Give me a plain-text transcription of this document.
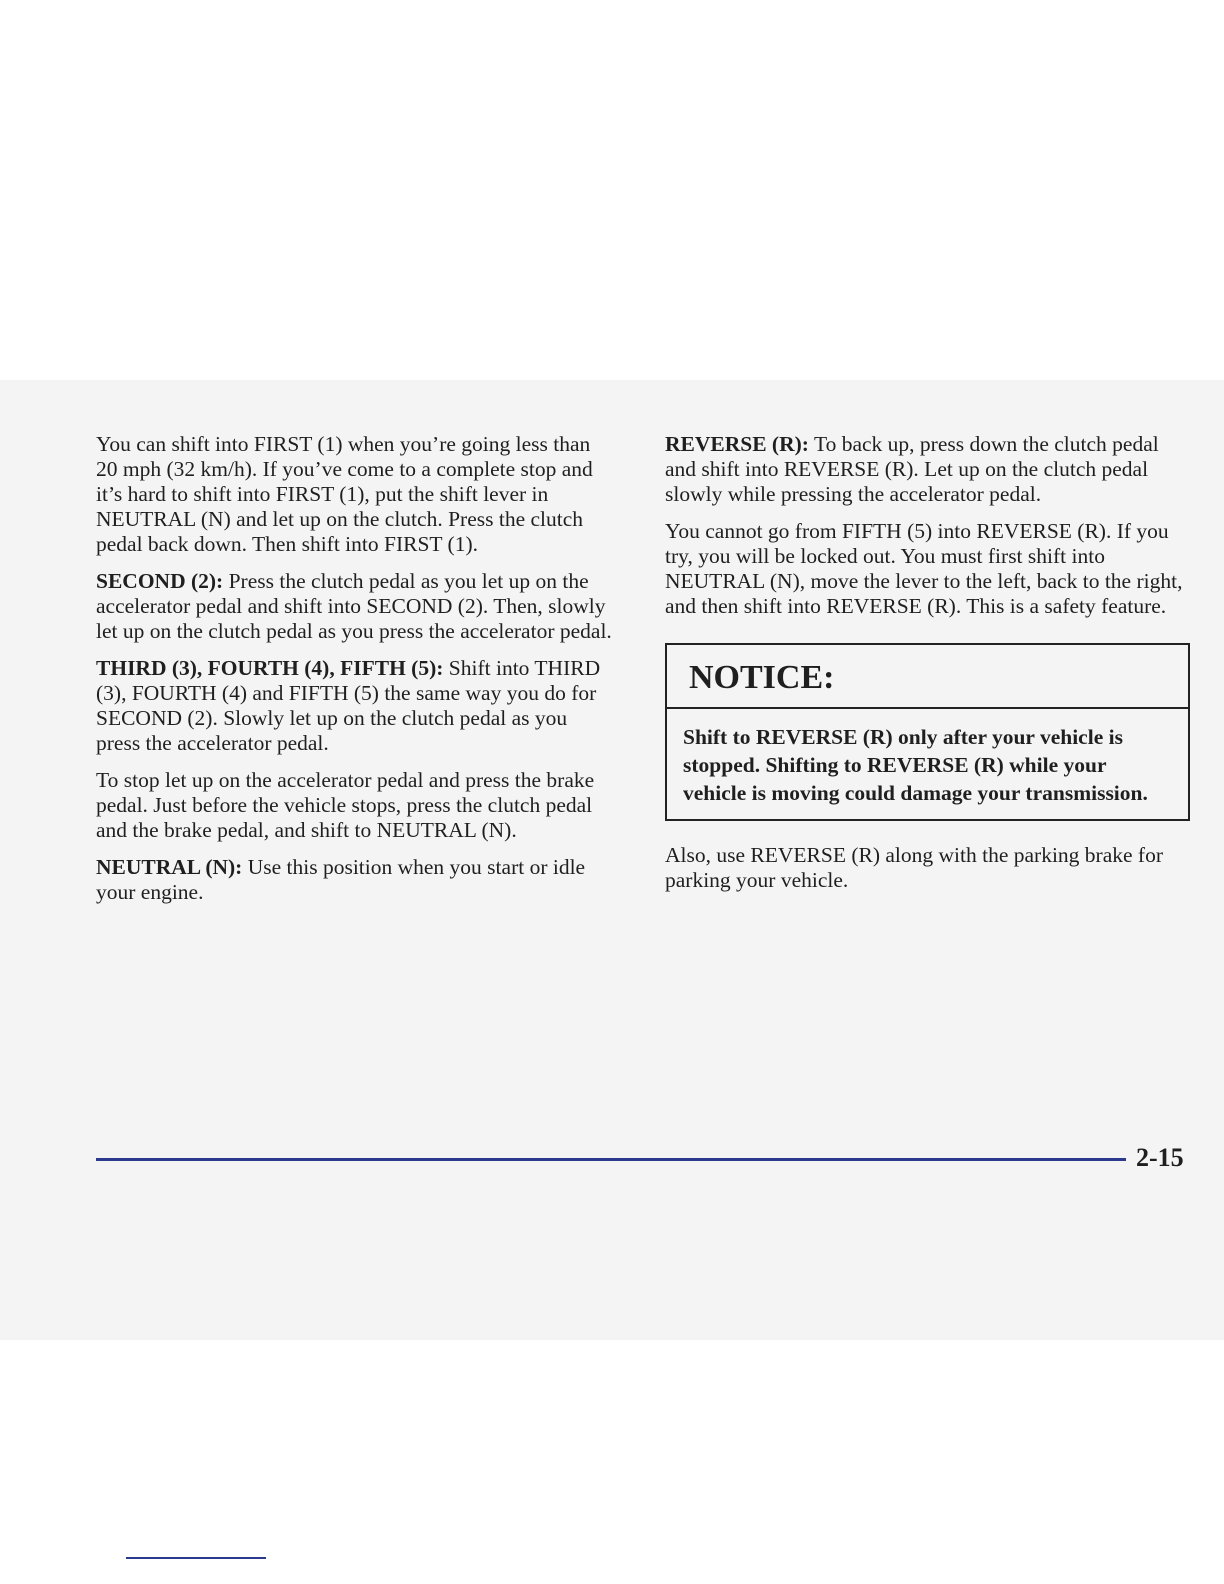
You can shift into FIRST (1) when you’re going less than 20 mph (32 km/h). If you’ve come to a complete stop and it’s hard to shift into FIRST (1), put the shift lever in NEUTRAL (N) and let up on the clutch. Press the clutch pedal back down. Then shift into FIRST (1).

SECOND (2): Press the clutch pedal as you let up on the accelerator pedal and shift into SECOND (2). Then, slowly let up on the clutch pedal as you press the accelerator pedal.

THIRD (3), FOURTH (4), FIFTH (5): Shift into THIRD (3), FOURTH (4) and FIFTH (5) the same way you do for SECOND (2). Slowly let up on the clutch pedal as you press the accelerator pedal.

To stop let up on the accelerator pedal and press the brake pedal. Just before the vehicle stops, press the clutch pedal and the brake pedal, and shift to NEUTRAL (N).

NEUTRAL (N): Use this position when you start or idle your engine.

REVERSE (R): To back up, press down the clutch pedal and shift into REVERSE (R). Let up on the clutch pedal slowly while pressing the accelerator pedal.

You cannot go from FIFTH (5) into REVERSE (R). If you try, you will be locked out. You must first shift into NEUTRAL (N), move the lever to the left, back to the right, and then shift into REVERSE (R). This is a safety feature.

NOTICE:
Shift to REVERSE (R) only after your vehicle is stopped. Shifting to REVERSE (R) while your vehicle is moving could damage your transmission.

Also, use REVERSE (R) along with the parking brake for parking your vehicle.

2-15
